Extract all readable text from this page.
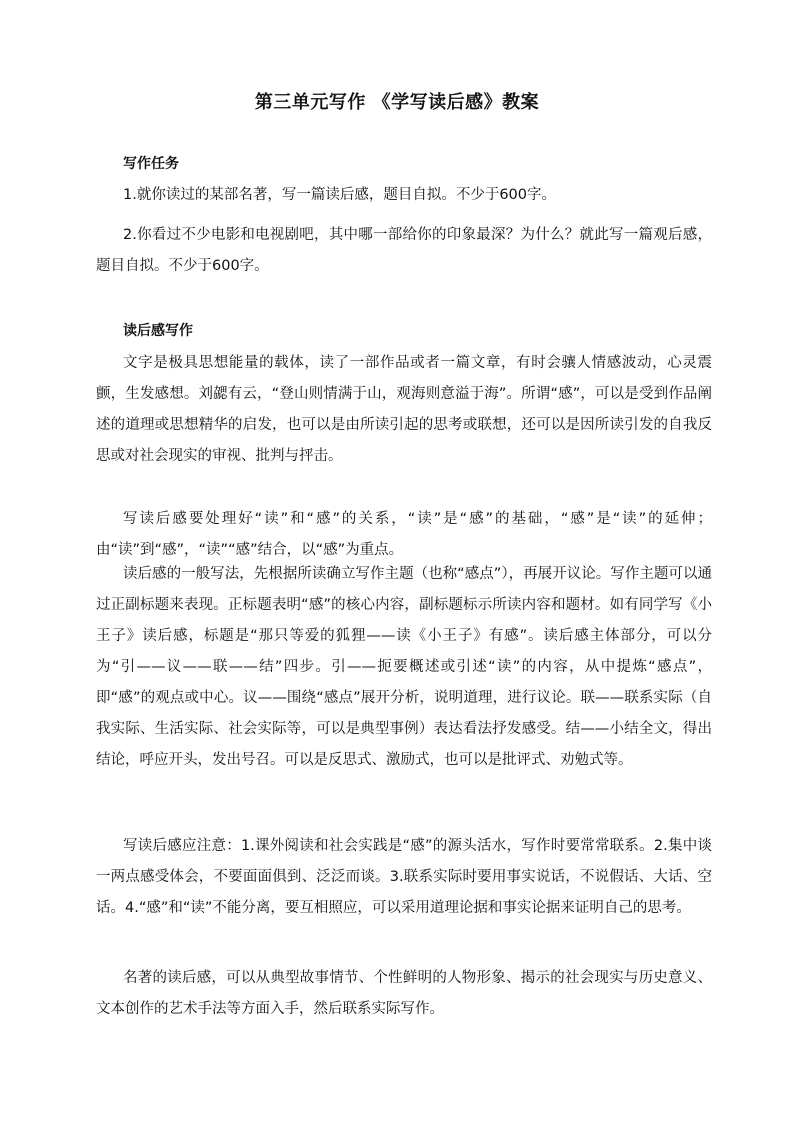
第三单元写作 《学写读后感》教案
写作任务

1.就你读过的某部名著，写一篇读后感，题目自拟。不少于600字。

2.你看过不少电影和电视剧吧，其中哪一部给你的印象最深？为什么？就此写一篇观后感，题目自拟。不少于600字。

读后感写作

文字是极具思想能量的载体，读了一部作品或者一篇文章，有时会骧人情感波动，心灵震颤，生发感想。刘勰有云，“登山则情满于山，观海则意溢于海”。所谓“感”，可以是受到作品阐述的道理或思想精华的启发，也可以是由所读引起的思考或联想，还可以是因所读引发的自我反思或对社会现实的审视、批判与抨击。

写读后感要处理好“读”和“感”的关系，“读”是“感”的基础，“感”是“读”的延伸；由“读”到“感”，“读”“感”结合，以“感”为重点。

读后感的一般写法，先根据所读确立写作主题（也称“感点”），再展开议论。写作主题可以通过正副标题来表现。正标题表明“感”的核心内容，副标题标示所读内容和题材。如有同学写《小王子》读后感，标题是“那只等爱的狐狸——读《小王子》有感”。读后感主体部分，可以分为“引——议——联——结”四步。引——扼要概述或引述“读”的内容，从中提炼“感点”，即“感”的观点或中心。议——围绕“感点”展开分析，说明道理，进行议论。联——联系实际（自我实际、生活实际、社会实际等，可以是典型事例）表达看法抒发感受。结——小结全文，得出结论，呼应开头，发出号召。可以是反思式、激励式，也可以是批评式、劝勉式等。

写读后感应注意：1.课外阅读和社会实践是“感”的源头活水，写作时要常常联系。2.集中谈一两点感受体会，不要面面俱到、泛泛而谈。3.联系实际时要用事实说话，不说假话、大话、空话。4.“感”和“读”不能分离，要互相照应，可以采用道理论据和事实论据来证明自己的思考。

名著的读后感，可以从典型故事情节、个性鲜明的人物形象、揭示的社会现实与历史意义、文本创作的艺术手法等方面入手，然后联系实际写作。
